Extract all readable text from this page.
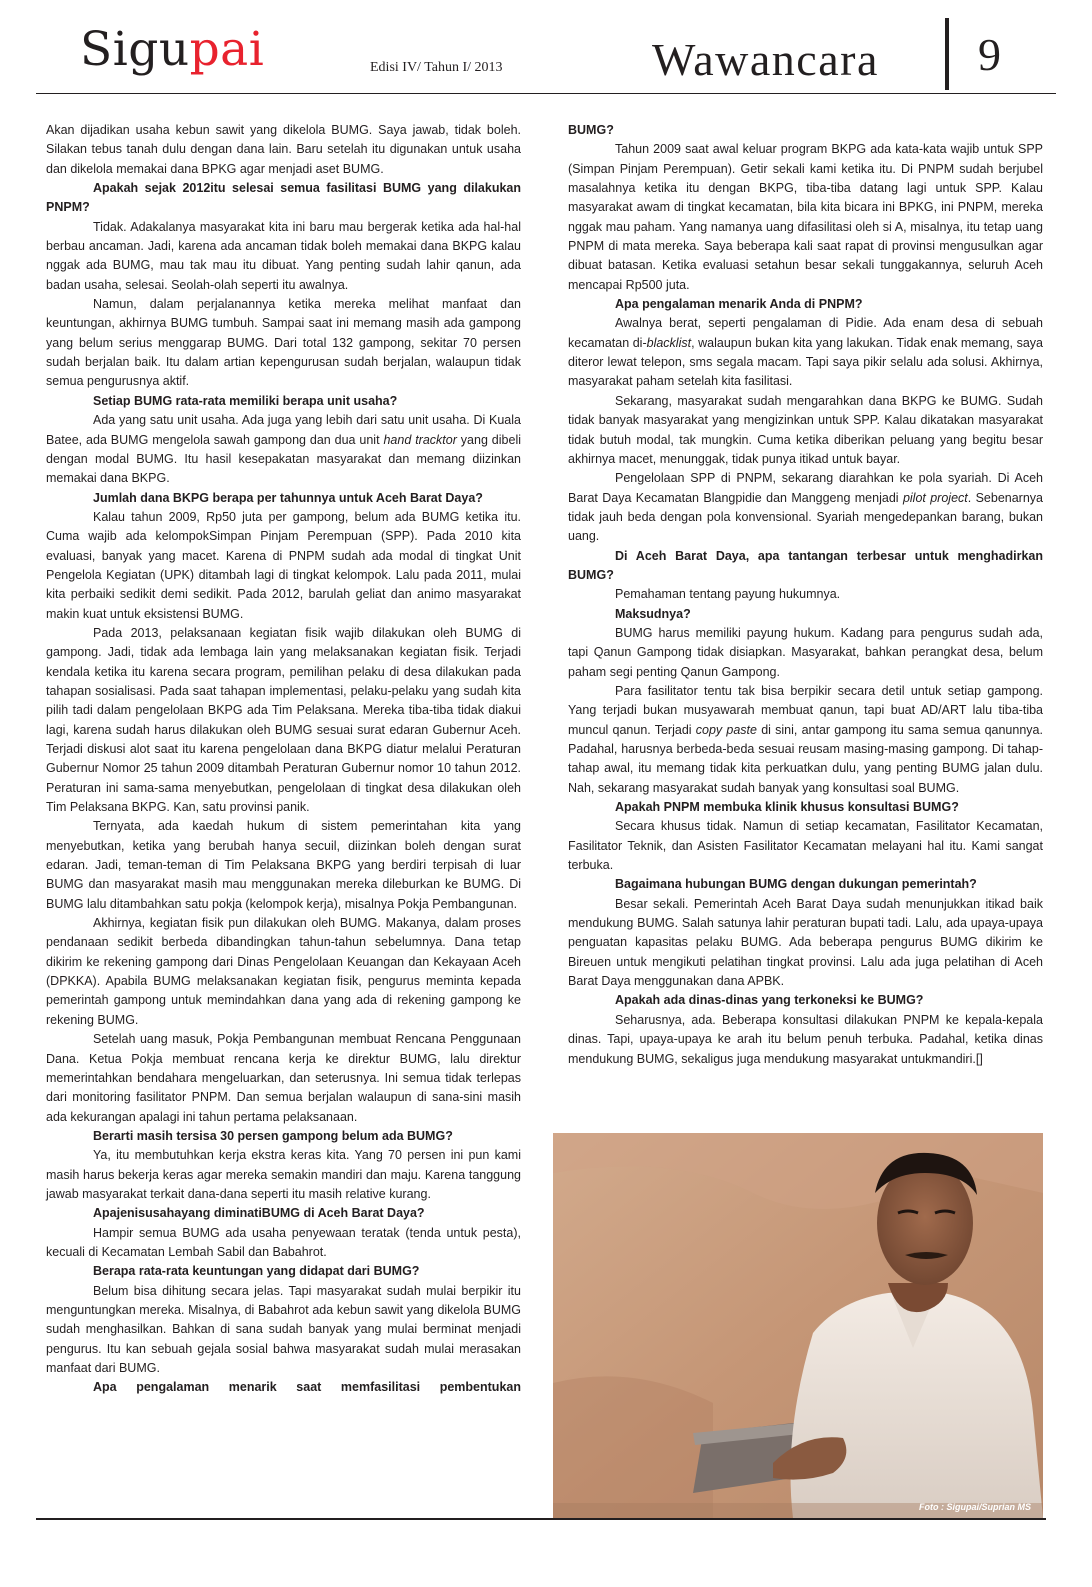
Sigupai	Edisi IV/ Tahun I/ 2013	Wawancara 9

Akan dijadikan usaha kebun sawit yang dikelola BUMG. Saya jawab, tidak boleh. Silakan tebus tanah dulu dengan dana lain. Baru setelah itu digunakan untuk usaha dan dikelola memakai dana BPKG agar menjadi aset BUMG.

Apakah sejak 2012itu selesai semua fasilitasi BUMG yang dilakukan PNPM?

Tidak. Adakalanya masyarakat kita ini baru mau bergerak ketika ada hal-hal berbau ancaman. Jadi, karena ada ancaman tidak boleh memakai dana BKPG kalau nggak ada BUMG, mau tak mau itu dibuat. Yang penting sudah lahir qanun, ada badan usaha, selesai. Seolah-olah seperti itu awalnya.

Namun, dalam perjalanannya ketika mereka melihat manfaat dan keuntungan, akhirnya BUMG tumbuh. Sampai saat ini memang masih ada gampong yang belum serius menggarap BUMG. Dari total 132 gampong, sekitar 70 persen sudah berjalan baik. Itu dalam artian kepengurusan sudah berjalan, walaupun tidak semua pengurusnya aktif.

Setiap BUMG rata-rata memiliki berapa unit usaha?

Ada yang satu unit usaha. Ada juga yang lebih dari satu unit usaha. Di Kuala Batee, ada BUMG mengelola sawah gampong dan dua unit hand tracktor yang dibeli dengan modal BUMG. Itu hasil kesepakatan masyarakat dan memang diizinkan memakai dana BKPG.

Jumlah dana BKPG berapa per tahunnya untuk Aceh Barat Daya?

Kalau tahun 2009, Rp50 juta per gampong, belum ada BUMG ketika itu. Cuma wajib ada kelompokSimpan Pinjam Perempuan (SPP). Pada 2010 kita evaluasi, banyak yang macet. Karena di PNPM sudah ada modal di tingkat Unit Pengelola Kegiatan (UPK) ditambah lagi di tingkat kelompok. Lalu pada 2011, mulai kita perbaiki sedikit demi sedikit. Pada 2012, barulah geliat dan animo masyarakat makin kuat untuk eksistensi BUMG.

Pada 2013, pelaksanaan kegiatan fisik wajib dilakukan oleh BUMG di gampong. Jadi, tidak ada lembaga lain yang melaksanakan kegiatan fisik. Terjadi kendala ketika itu karena secara program, pemilihan pelaku di desa dilakukan pada tahapan sosialisasi. Pada saat tahapan implementasi, pelaku-pelaku yang sudah kita pilih tadi dalam pengelolaan BKPG ada Tim Pelaksana. Mereka tiba-tiba tidak diakui lagi, karena sudah harus dilakukan oleh BUMG sesuai surat edaran Gubernur Aceh. Terjadi diskusi alot saat itu karena pengelolaan dana BKPG diatur melalui Peraturan Gubernur Nomor 25 tahun 2009 ditambah Peraturan Gubernur nomor 10 tahun 2012. Peraturan ini sama-sama menyebutkan, pengelolaan di tingkat desa dilakukan oleh Tim Pelaksana BKPG. Kan, satu provinsi panik.

Ternyata, ada kaedah hukum di sistem pemerintahan kita yang menyebutkan, ketika yang berubah hanya secuil, diizinkan boleh dengan surat edaran. Jadi, teman-teman di Tim Pelaksana BKPG yang berdiri terpisah di luar BUMG dan masyarakat masih mau menggunakan mereka dileburkan ke BUMG. Di BUMG lalu ditambahkan satu pokja (kelompok kerja), misalnya Pokja Pembangunan.

Akhirnya, kegiatan fisik pun dilakukan oleh BUMG. Makanya, dalam proses pendanaan sedikit berbeda dibandingkan tahun-tahun sebelumnya. Dana tetap dikirim ke rekening gampong dari Dinas Pengelolaan Keuangan dan Kekayaan Aceh (DPKKA). Apabila BUMG melaksanakan kegiatan fisik, pengurus meminta kepada pemerintah gampong untuk memindahkan dana yang ada di rekening gampong ke rekening BUMG.

Setelah uang masuk, Pokja Pembangunan membuat Rencana Penggunaan Dana. Ketua Pokja membuat rencana kerja ke direktur BUMG, lalu direktur memerintahkan bendahara mengeluarkan, dan seterusnya. Ini semua tidak terlepas dari monitoring fasilitator PNPM. Dan semua berjalan walaupun di sana-sini masih ada kekurangan apalagi ini tahun pertama pelaksanaan.

Berarti masih tersisa 30 persen gampong belum ada BUMG?

Ya, itu membutuhkan kerja ekstra keras kita. Yang 70 persen ini pun kami masih harus bekerja keras agar mereka semakin mandiri dan maju. Karena tanggung jawab masyarakat terkait dana-dana seperti itu masih relative kurang.

Apajenisusahayang diminatiBUMG di Aceh Barat Daya?

Hampir semua BUMG ada usaha penyewaan teratak (tenda untuk pesta), kecuali di Kecamatan Lembah Sabil dan Babahrot.

Berapa rata-rata keuntungan yang didapat dari BUMG?

Belum bisa dihitung secara jelas. Tapi masyarakat sudah mulai berpikir itu menguntungkan mereka. Misalnya, di Babahrot ada kebun sawit yang dikelola BUMG sudah menghasilkan. Bahkan di sana sudah banyak yang mulai berminat menjadi pengurus. Itu kan sebuah gejala sosial bahwa masyarakat sudah mulai merasakan manfaat dari BUMG.

Apa pengalaman menarik saat memfasilitasi pembentukan

BUMG?

Tahun 2009 saat awal keluar program BKPG ada kata-kata wajib untuk SPP (Simpan Pinjam Perempuan). Getir sekali kami ketika itu. Di PNPM sudah berjubel masalahnya ketika itu dengan BKPG, tiba-tiba datang lagi untuk SPP. Kalau masyarakat awam di tingkat kecamatan, bila kita bicara ini BPKG, ini PNPM, mereka nggak mau paham. Yang namanya uang difasilitasi oleh si A, misalnya, itu tetap uang PNPM di mata mereka. Saya beberapa kali saat rapat di provinsi mengusulkan agar dibuat batasan. Ketika evaluasi setahun besar sekali tunggakannya, seluruh Aceh mencapai Rp500 juta.

Apa pengalaman menarik Anda di PNPM?

Awalnya berat, seperti pengalaman di Pidie. Ada enam desa di sebuah kecamatan di-blacklist, walaupun bukan kita yang lakukan. Tidak enak memang, saya diteror lewat telepon, sms segala macam. Tapi saya pikir selalu ada solusi. Akhirnya, masyarakat paham setelah kita fasilitasi.

Sekarang, masyarakat sudah mengarahkan dana BKPG ke BUMG. Sudah tidak banyak masyarakat yang mengizinkan untuk SPP. Kalau dikatakan masyarakat tidak butuh modal, tak mungkin. Cuma ketika diberikan peluang yang begitu besar akhirnya macet, menunggak, tidak punya itikad untuk bayar.

Pengelolaan SPP di PNPM, sekarang diarahkan ke pola syariah. Di Aceh Barat Daya Kecamatan Blangpidie dan Manggeng menjadi pilot project. Sebenarnya tidak jauh beda dengan pola konvensional. Syariah mengedepankan barang, bukan uang.

Di Aceh Barat Daya, apa tantangan terbesar untuk menghadirkan BUMG?

Pemahaman tentang payung hukumnya.

Maksudnya?

BUMG harus memiliki payung hukum. Kadang para pengurus sudah ada, tapi Qanun Gampong tidak disiapkan. Masyarakat, bahkan perangkat desa, belum paham segi penting Qanun Gampong.

Para fasilitator tentu tak bisa berpikir secara detil untuk setiap gampong. Yang terjadi bukan musyawarah membuat qanun, tapi buat AD/ART lalu tiba-tiba muncul qanun. Terjadi copy paste di sini, antar gampong itu sama semua qanunnya. Padahal, harusnya berbeda-beda sesuai reusam masing-masing gampong. Di tahap-tahap awal, itu memang tidak kita perkuatkan dulu, yang penting BUMG jalan dulu. Nah, sekarang masyarakat sudah banyak yang konsultasi soal BUMG.

Apakah PNPM membuka klinik khusus konsultasi BUMG?

Secara khusus tidak. Namun di setiap kecamatan, Fasilitator Kecamatan, Fasilitator Teknik, dan Asisten Fasilitator Kecamatan melayani hal itu. Kami sangat terbuka.

Bagaimana hubungan BUMG dengan dukungan pemerintah?

Besar sekali. Pemerintah Aceh Barat Daya sudah menunjukkan itikad baik mendukung BUMG. Salah satunya lahir peraturan bupati tadi. Lalu, ada upaya-upaya penguatan kapasitas pelaku BUMG. Ada beberapa pengurus BUMG dikirim ke Bireuen untuk mengikuti pelatihan tingkat provinsi. Lalu ada juga pelatihan di Aceh Barat Daya menggunakan dana APBK.

Apakah ada dinas-dinas yang terkoneksi ke BUMG?

Seharusnya, ada. Beberapa konsultasi dilakukan PNPM ke kepala-kepala dinas. Tapi, upaya-upaya ke arah itu belum penuh terbuka. Padahal, ketika dinas mendukung BUMG, sekaligus juga mendukung masyarakat untukmandiri.[]

Foto : Sigupai/Suprian MS
